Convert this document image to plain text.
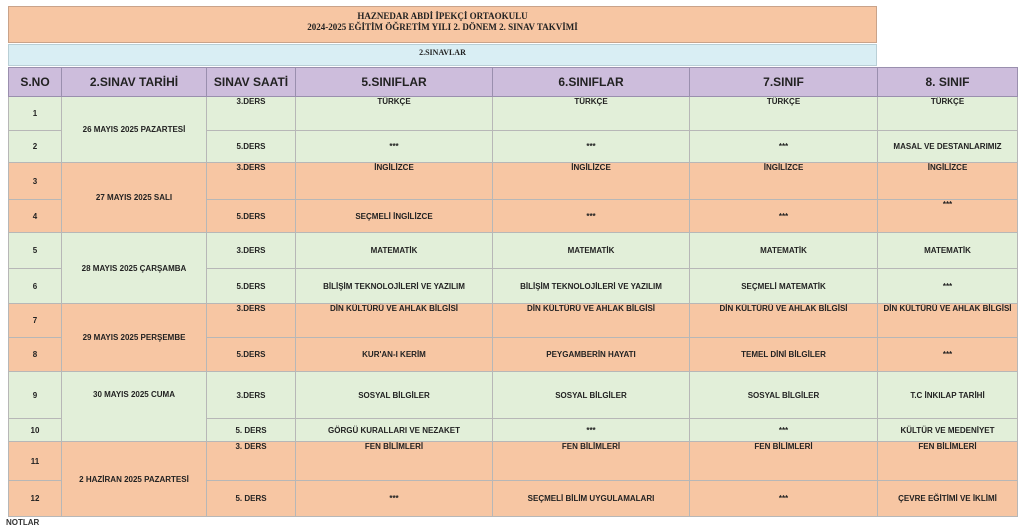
HAZNEDAR ABDİ İPEKÇİ ORTAOKULU
2024-2025 EĞİTİM ÖĞRETİM YILI 2. DÖNEM 2. SINAV TAKVİMİ
2.SINAVLAR
S.NO	2.SINAV TARİHİ	SINAV SAATİ	5.SINIFLAR	6.SINIFLAR	7.SINIF	8. SINIF
1	26 MAYIS 2025 PAZARTESİ	3.DERS	TÜRKÇE	TÜRKÇE	TÜRKÇE	TÜRKÇE
2		5.DERS	***	***	***	MASAL VE DESTANLARIMIZ
3	27 MAYIS 2025 SALI	3.DERS	İNGİLİZCE	İNGİLİZCE	İNGİLİZCE	İNGİLİZCE
4		5.DERS	SEÇMELİ İNGİLİZCE	***	***	***
5	28 MAYIS 2025 ÇARŞAMBA	3.DERS	MATEMATİK	MATEMATİK	MATEMATİK	MATEMATİK
6		5.DERS	BİLİŞİM TEKNOLOJİLERİ VE YAZILIM	BİLİŞİM TEKNOLOJİLERİ VE YAZILIM	SEÇMELİ MATEMATİK	***
7	29 MAYIS 2025 PERŞEMBE	3.DERS	DİN KÜLTÜRÜ VE AHLAK BİLGİSİ	DİN KÜLTÜRÜ VE AHLAK BİLGİSİ	DİN KÜLTÜRÜ VE AHLAK BİLGİSİ	DİN KÜLTÜRÜ VE AHLAK BİLGİSİ
8		5.DERS	KUR'AN-I KERİM	PEYGAMBERİN HAYATI	TEMEL DİNİ BİLGİLER	***
9	30 MAYIS 2025 CUMA	3.DERS	SOSYAL BİLGİLER	SOSYAL BİLGİLER	SOSYAL BİLGİLER	T.C İNKILAP TARİHİ
10		5. DERS	GÖRGÜ KURALLARI VE NEZAKET	***	***	KÜLTÜR VE MEDENİYET
11	2 HAZİRAN 2025 PAZARTESİ	3. DERS	FEN BİLİMLERİ	FEN BİLİMLERİ	FEN BİLİMLERİ	FEN BİLİMLERİ
12		5. DERS	***	SEÇMELİ BİLİM UYGULAMALARI	***	ÇEVRE EĞİTİMİ VE İKLİMİ
NOTLAR
